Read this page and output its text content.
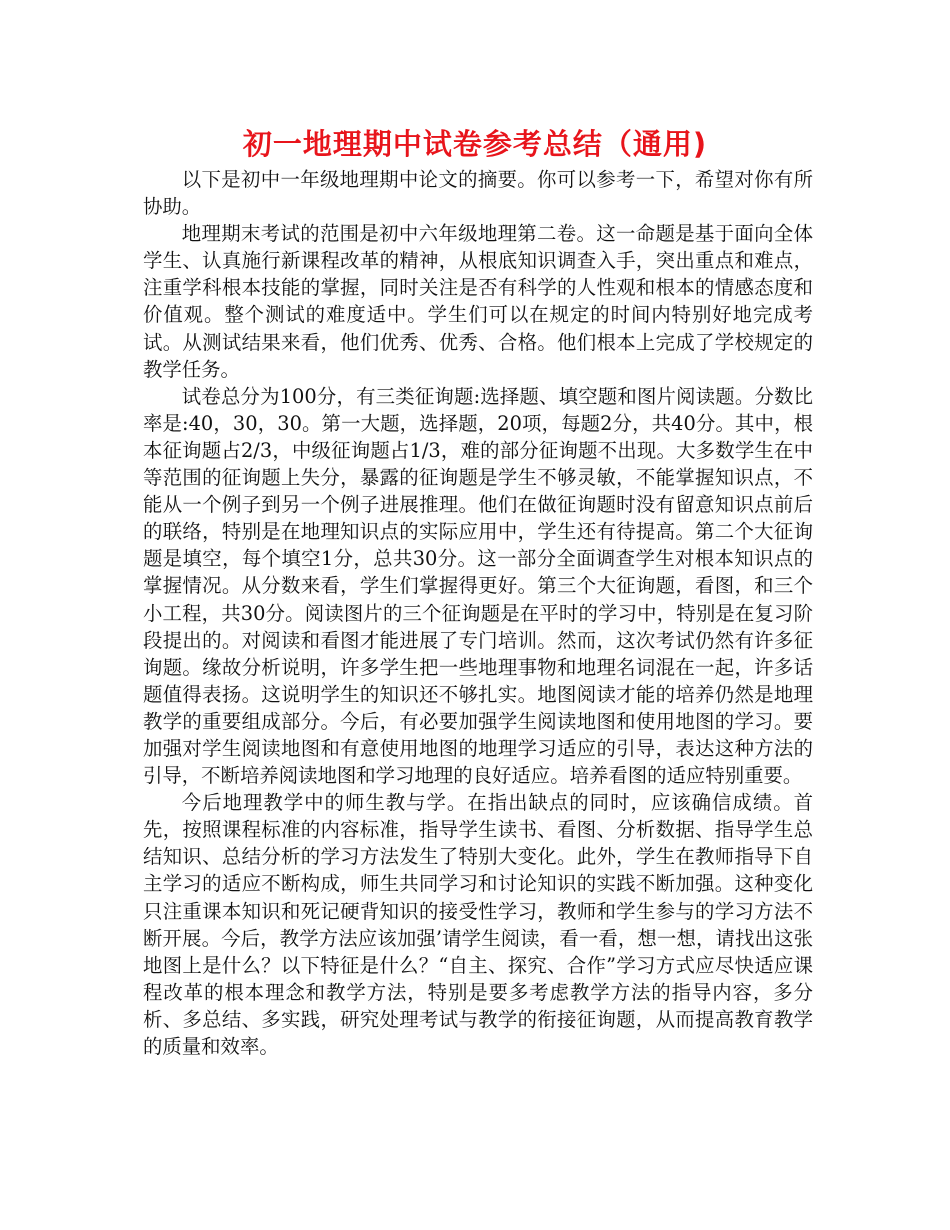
初一地理期中试卷参考总结（通用)

以下是初中一年级地理期中论文的摘要。你可以参考一下，希望对你有所协助。

地理期末考试的范围是初中六年级地理第二卷。这一命题是基于面向全体学生、认真施行新课程改革的精神，从根底知识调查入手，突出重点和难点，注重学科根本技能的掌握，同时关注是否有科学的人性观和根本的情感态度和价值观。整个测试的难度适中。学生们可以在规定的时间内特别好地完成考试。从测试结果来看，他们优秀、优秀、合格。他们根本上完成了学校规定的教学任务。

试卷总分为100分，有三类征询题:选择题、填空题和图片阅读题。分数比率是:40，30，30。第一大题，选择题，20项，每题2分，共40分。其中，根本征询题占2/3，中级征询题占1/3，难的部分征询题不出现。大多数学生在中等范围的征询题上失分，暴露的征询题是学生不够灵敏，不能掌握知识点，不能从一个例子到另一个例子进展推理。他们在做征询题时没有留意知识点前后的联络，特别是在地理知识点的实际应用中，学生还有待提高。第二个大征询题是填空，每个填空1分，总共30分。这一部分全面调查学生对根本知识点的掌握情况。从分数来看，学生们掌握得更好。第三个大征询题，看图，和三个小工程，共30分。阅读图片的三个征询题是在平时的学习中，特别是在复习阶段提出的。对阅读和看图才能进展了专门培训。然而，这次考试仍然有许多征询题。缘故分析说明，许多学生把一些地理事物和地理名词混在一起，许多话题值得表扬。这说明学生的知识还不够扎实。地图阅读才能的培养仍然是地理教学的重要组成部分。今后，有必要加强学生阅读地图和使用地图的学习。要加强对学生阅读地图和有意使用地图的地理学习适应的引导，表达这种方法的引导，不断培养阅读地图和学习地理的良好适应。培养看图的适应特别重要。

今后地理教学中的师生教与学。在指出缺点的同时，应该确信成绩。首先，按照课程标准的内容标准，指导学生读书、看图、分析数据、指导学生总结知识、总结分析的学习方法发生了特别大变化。此外，学生在教师指导下自主学习的适应不断构成，师生共同学习和讨论知识的实践不断加强。这种变化只注重课本知识和死记硬背知识的接受性学习，教师和学生参与的学习方法不断开展。今后，教学方法应该加强’请学生阅读，看一看，想一想，请找出这张地图上是什么？以下特征是什么？“自主、探究、合作”学习方式应尽快适应课程改革的根本理念和教学方法，特别是要多考虑教学方法的指导内容，多分析、多总结、多实践，研究处理考试与教学的衔接征询题，从而提高教育教学的质量和效率。
